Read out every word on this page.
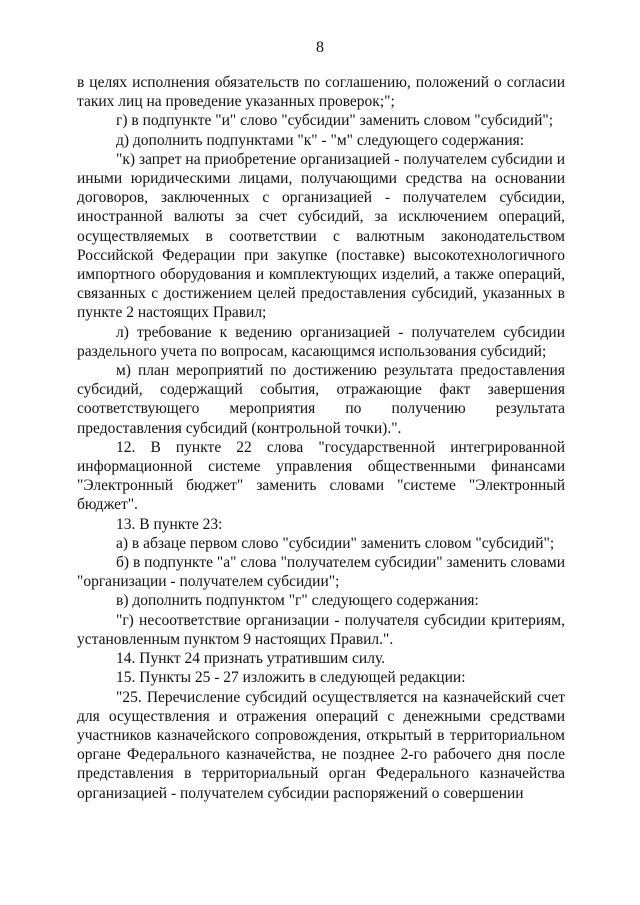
8

в целях исполнения обязательств по соглашению, положений о согласии таких лиц на проведение указанных проверок;";

г) в подпункте "и" слово "субсидии" заменить словом "субсидий";

д) дополнить подпунктами "к" - "м" следующего содержания:

"к) запрет на приобретение организацией - получателем субсидии и иными юридическими лицами, получающими средства на основании договоров, заключенных с организацией - получателем субсидии, иностранной валюты за счет субсидий, за исключением операций, осуществляемых в соответствии с валютным законодательством Российской Федерации при закупке (поставке) высокотехнологичного импортного оборудования и комплектующих изделий, а также операций, связанных с достижением целей предоставления субсидий, указанных в пункте 2 настоящих Правил;

л) требование к ведению организацией - получателем субсидии раздельного учета по вопросам, касающимся использования субсидий;

м) план мероприятий по достижению результата предоставления субсидий, содержащий события, отражающие факт завершения соответствующего мероприятия по получению результата предоставления субсидий (контрольной точки).".

12. В пункте 22 слова "государственной интегрированной информационной системе управления общественными финансами "Электронный бюджет" заменить словами "системе "Электронный бюджет".

13. В пункте 23:

а) в абзаце первом слово "субсидии" заменить словом "субсидий";

б) в подпункте "а" слова "получателем субсидии" заменить словами "организации - получателем субсидии";

в) дополнить подпунктом "г" следующего содержания:

"г) несоответствие организации - получателя субсидии критериям, установленным пунктом 9 настоящих Правил.".

14. Пункт 24 признать утратившим силу.

15. Пункты 25 - 27 изложить в следующей редакции:

"25. Перечисление субсидий осуществляется на казначейский счет для осуществления и отражения операций с денежными средствами участников казначейского сопровождения, открытый в территориальном органе Федерального казначейства, не позднее 2-го рабочего дня после представления в территориальный орган Федерального казначейства организацией - получателем субсидии распоряжений о совершении
